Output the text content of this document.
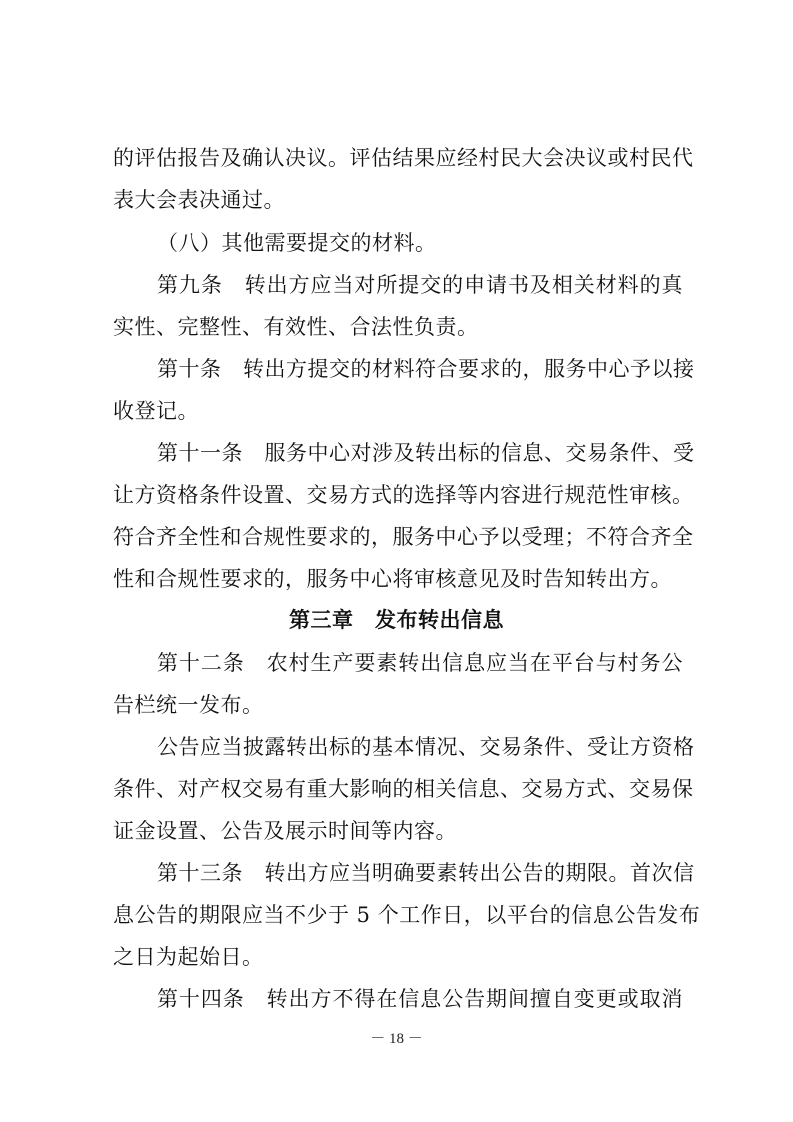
的评估报告及确认决议。评估结果应经村民大会决议或村民代
表大会表决通过。
（八）其他需要提交的材料。
第九条　转出方应当对所提交的申请书及相关材料的真
实性、完整性、有效性、合法性负责。
第十条　转出方提交的材料符合要求的，服务中心予以接
收登记。
第十一条　服务中心对涉及转出标的信息、交易条件、受
让方资格条件设置、交易方式的选择等内容进行规范性审核。
符合齐全性和合规性要求的，服务中心予以受理；不符合齐全
性和合规性要求的，服务中心将审核意见及时告知转出方。
第三章　发布转出信息
第十二条　农村生产要素转出信息应当在平台与村务公
告栏统一发布。
公告应当披露转出标的基本情况、交易条件、受让方资格
条件、对产权交易有重大影响的相关信息、交易方式、交易保
证金设置、公告及展示时间等内容。
第十三条　转出方应当明确要素转出公告的期限。首次信
息公告的期限应当不少于 5 个工作日，以平台的信息公告发布
之日为起始日。
第十四条　转出方不得在信息公告期间擅自变更或取消
－ 18 －
